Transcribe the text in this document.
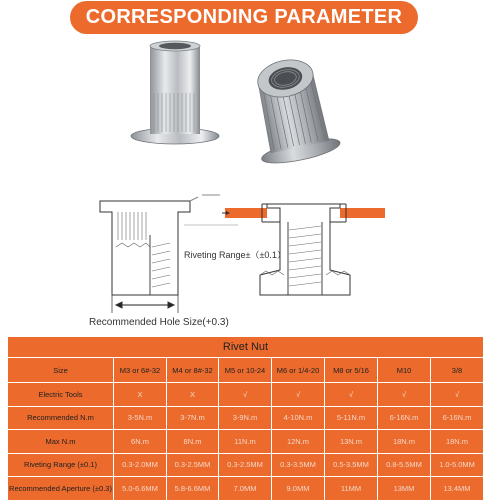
CORRESPONDING PARAMETER
Riveting Range±（±0.1）
Recommended Hole Size(+0.3)
Rivet Nut							
Size	M3 or 6#-32	M4 or 8#-32	M5 or 10-24	M6 or 1/4-20	M8 or 5/16	M10	3/8
Electric Tools	X	X	√	√	√	√	√
Recommended N.m	3-5N.m	3-7N.m	3-9N.m	4-10N.m	5-11N.m	6-16N.m	6-16N.m
Max N.m	6N.m	8N.m	11N.m	12N.m	13N.m	18N.m	18N.m
Riveting Range (±0.1)	0.3-2.0MM	0.3-2.5MM	0.3-2.5MM	0.3-3.5MM	0.5-3.5MM	0.8-5.5MM	1.0-5.0MM
Recommended Aperture (±0.3)	5.0-6.6MM	5.8-6.6MM	7.0MM	9.0MM	11MM	13MM	13.4MM
